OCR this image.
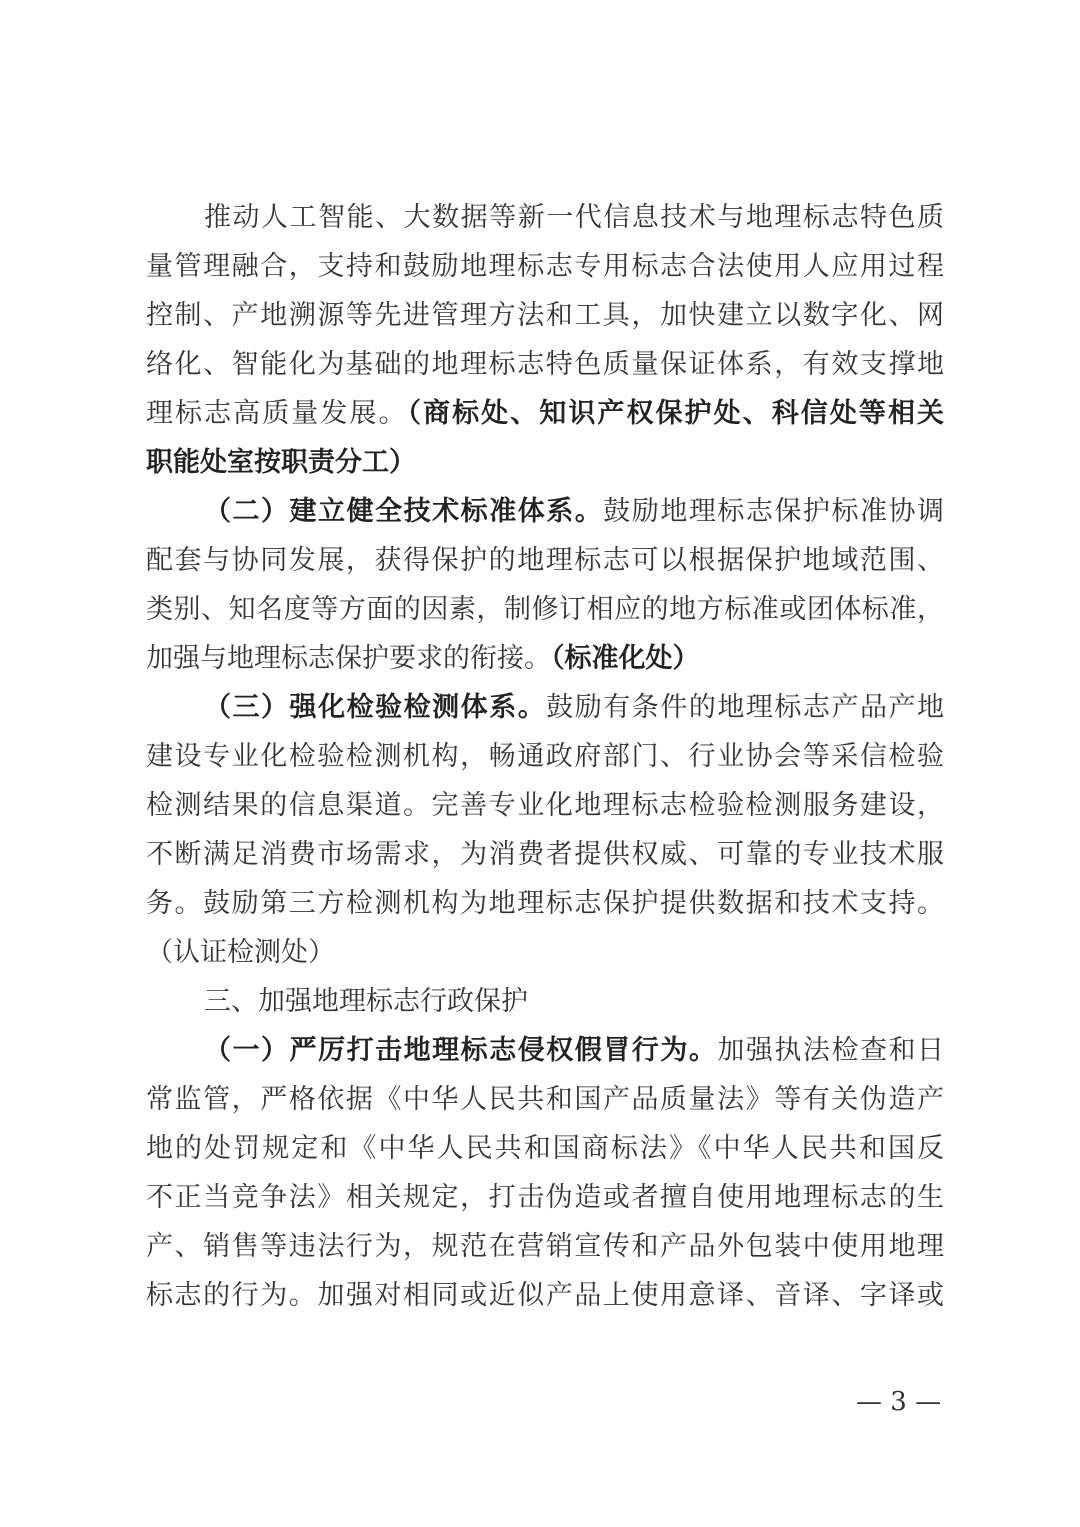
推动人工智能、大数据等新一代信息技术与地理标志特色质
量管理融合，支持和鼓励地理标志专用标志合法使用人应用过程
控制、产地溯源等先进管理方法和工具，加快建立以数字化、网
络化、智能化为基础的地理标志特色质量保证体系，有效支撑地
理标志高质量发展。（商标处、知识产权保护处、科信处等相关
职能处室按职责分工）
（二）建立健全技术标准体系。鼓励地理标志保护标准协调
配套与协同发展，获得保护的地理标志可以根据保护地域范围、
类别、知名度等方面的因素，制修订相应的地方标准或团体标准，
加强与地理标志保护要求的衔接。（标准化处）
（三）强化检验检测体系。鼓励有条件的地理标志产品产地
建设专业化检验检测机构，畅通政府部门、行业协会等采信检验
检测结果的信息渠道。完善专业化地理标志检验检测服务建设，
不断满足消费市场需求，为消费者提供权威、可靠的专业技术服
务。鼓励第三方检测机构为地理标志保护提供数据和技术支持。
（认证检测处）
三、加强地理标志行政保护
（一）严厉打击地理标志侵权假冒行为。加强执法检查和日
常监管，严格依据《中华人民共和国产品质量法》等有关伪造产
地的处罚规定和《中华人民共和国商标法》《中华人民共和国反
不正当竞争法》相关规定，打击伪造或者擅自使用地理标志的生
产、销售等违法行为，规范在营销宣传和产品外包装中使用地理
标志的行为。加强对相同或近似产品上使用意译、音译、字译或
— 3 —
